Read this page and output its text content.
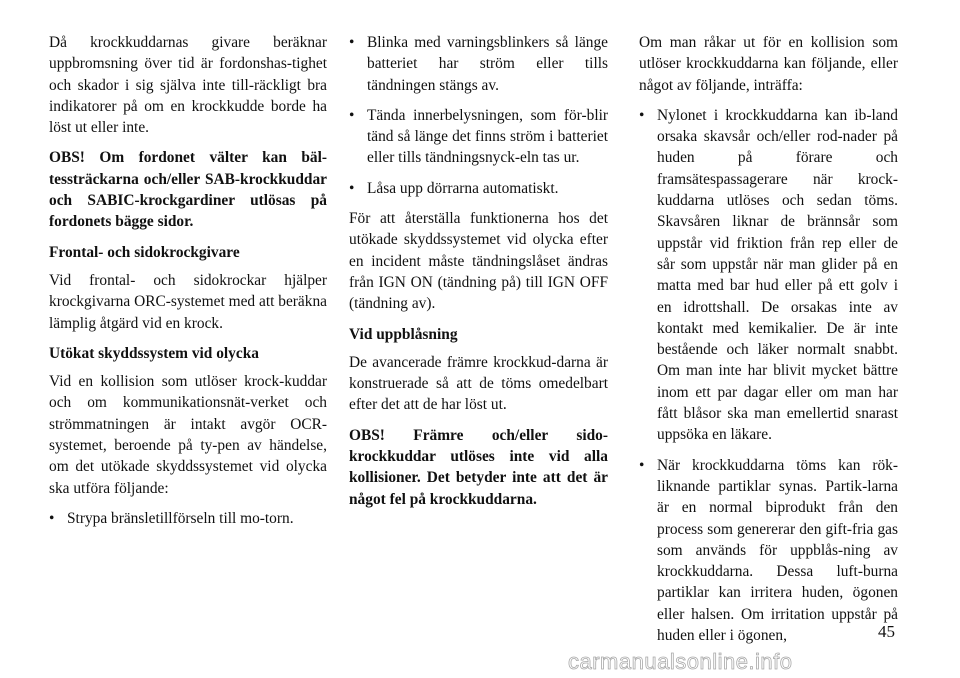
Då krockkuddarnas givare beräknar uppbromsning över tid är fordonshas-tighet och skador i sig själva inte till-räckligt bra indikatorer på om en krockkudde borde ha löst ut eller inte.

OBS! Om fordonet välter kan bäl-tessträckarna och/eller SAB-krockkuddar och SABIC-krockgardiner utlösas på fordonets bägge sidor.

Frontal- och sidokrockgivare

Vid frontal- och sidokrockar hjälper krockgivarna ORC-systemet med att beräkna lämplig åtgärd vid en krock.

Utökat skyddssystem vid olycka

Vid en kollision som utlöser krock-kuddar och om kommunikationsnät-verket och strömmatningen är intakt avgör OCR-systemet, beroende på ty-pen av händelse, om det utökade skyddssystemet vid olycka ska utföra följande:

• Strypa bränsletillförseln till mo-torn.
• Blinka med varningsblinkers så länge batteriet har ström eller tills tändningen stängs av.
• Tända innerbelysningen, som för-blir tänd så länge det finns ström i batteriet eller tills tändningsnyck-eln tas ur.
• Låsa upp dörrarna automatiskt.

För att återställa funktionerna hos det utökade skyddssystemet vid olycka efter en incident måste tändningslåset ändras från IGN ON (tändning på) till IGN OFF (tändning av).

Vid uppblåsning

De avancerade främre krockkud-darna är konstruerade så att de töms omedelbart efter det att de har löst ut.

OBS! Främre och/eller sido-krockkuddar utlöses inte vid alla kollisioner. Det betyder inte att det är något fel på krockkuddarna.

Om man råkar ut för en kollision som utlöser krockkuddarna kan följande, eller något av följande, inträffa:

• Nylonet i krockkuddarna kan ib-land orsaka skavsår och/eller rod-nader på huden på förare och framsätespassagerare när krock-kuddarna utlöses och sedan töms. Skavsåren liknar de brännsår som uppstår vid friktion från rep eller de sår som uppstår när man glider på en matta med bar hud eller på ett golv i en idrottshall. De orsakas inte av kontakt med kemikalier. De är inte bestående och läker normalt snabbt. Om man inte har blivit mycket bättre inom ett par dagar eller om man har fått blåsor ska man emellertid snarast uppsöka en läkare.
• När krockkuddarna töms kan rök-liknande partiklar synas. Partik-larna är en normal biprodukt från den process som genererar den gift-fria gas som används för uppblås-ning av krockkuddarna. Dessa luft-burna partiklar kan irritera huden, ögonen eller halsen. Om irritation uppstår på huden eller i ögonen,	45
carmanualsonline.info
